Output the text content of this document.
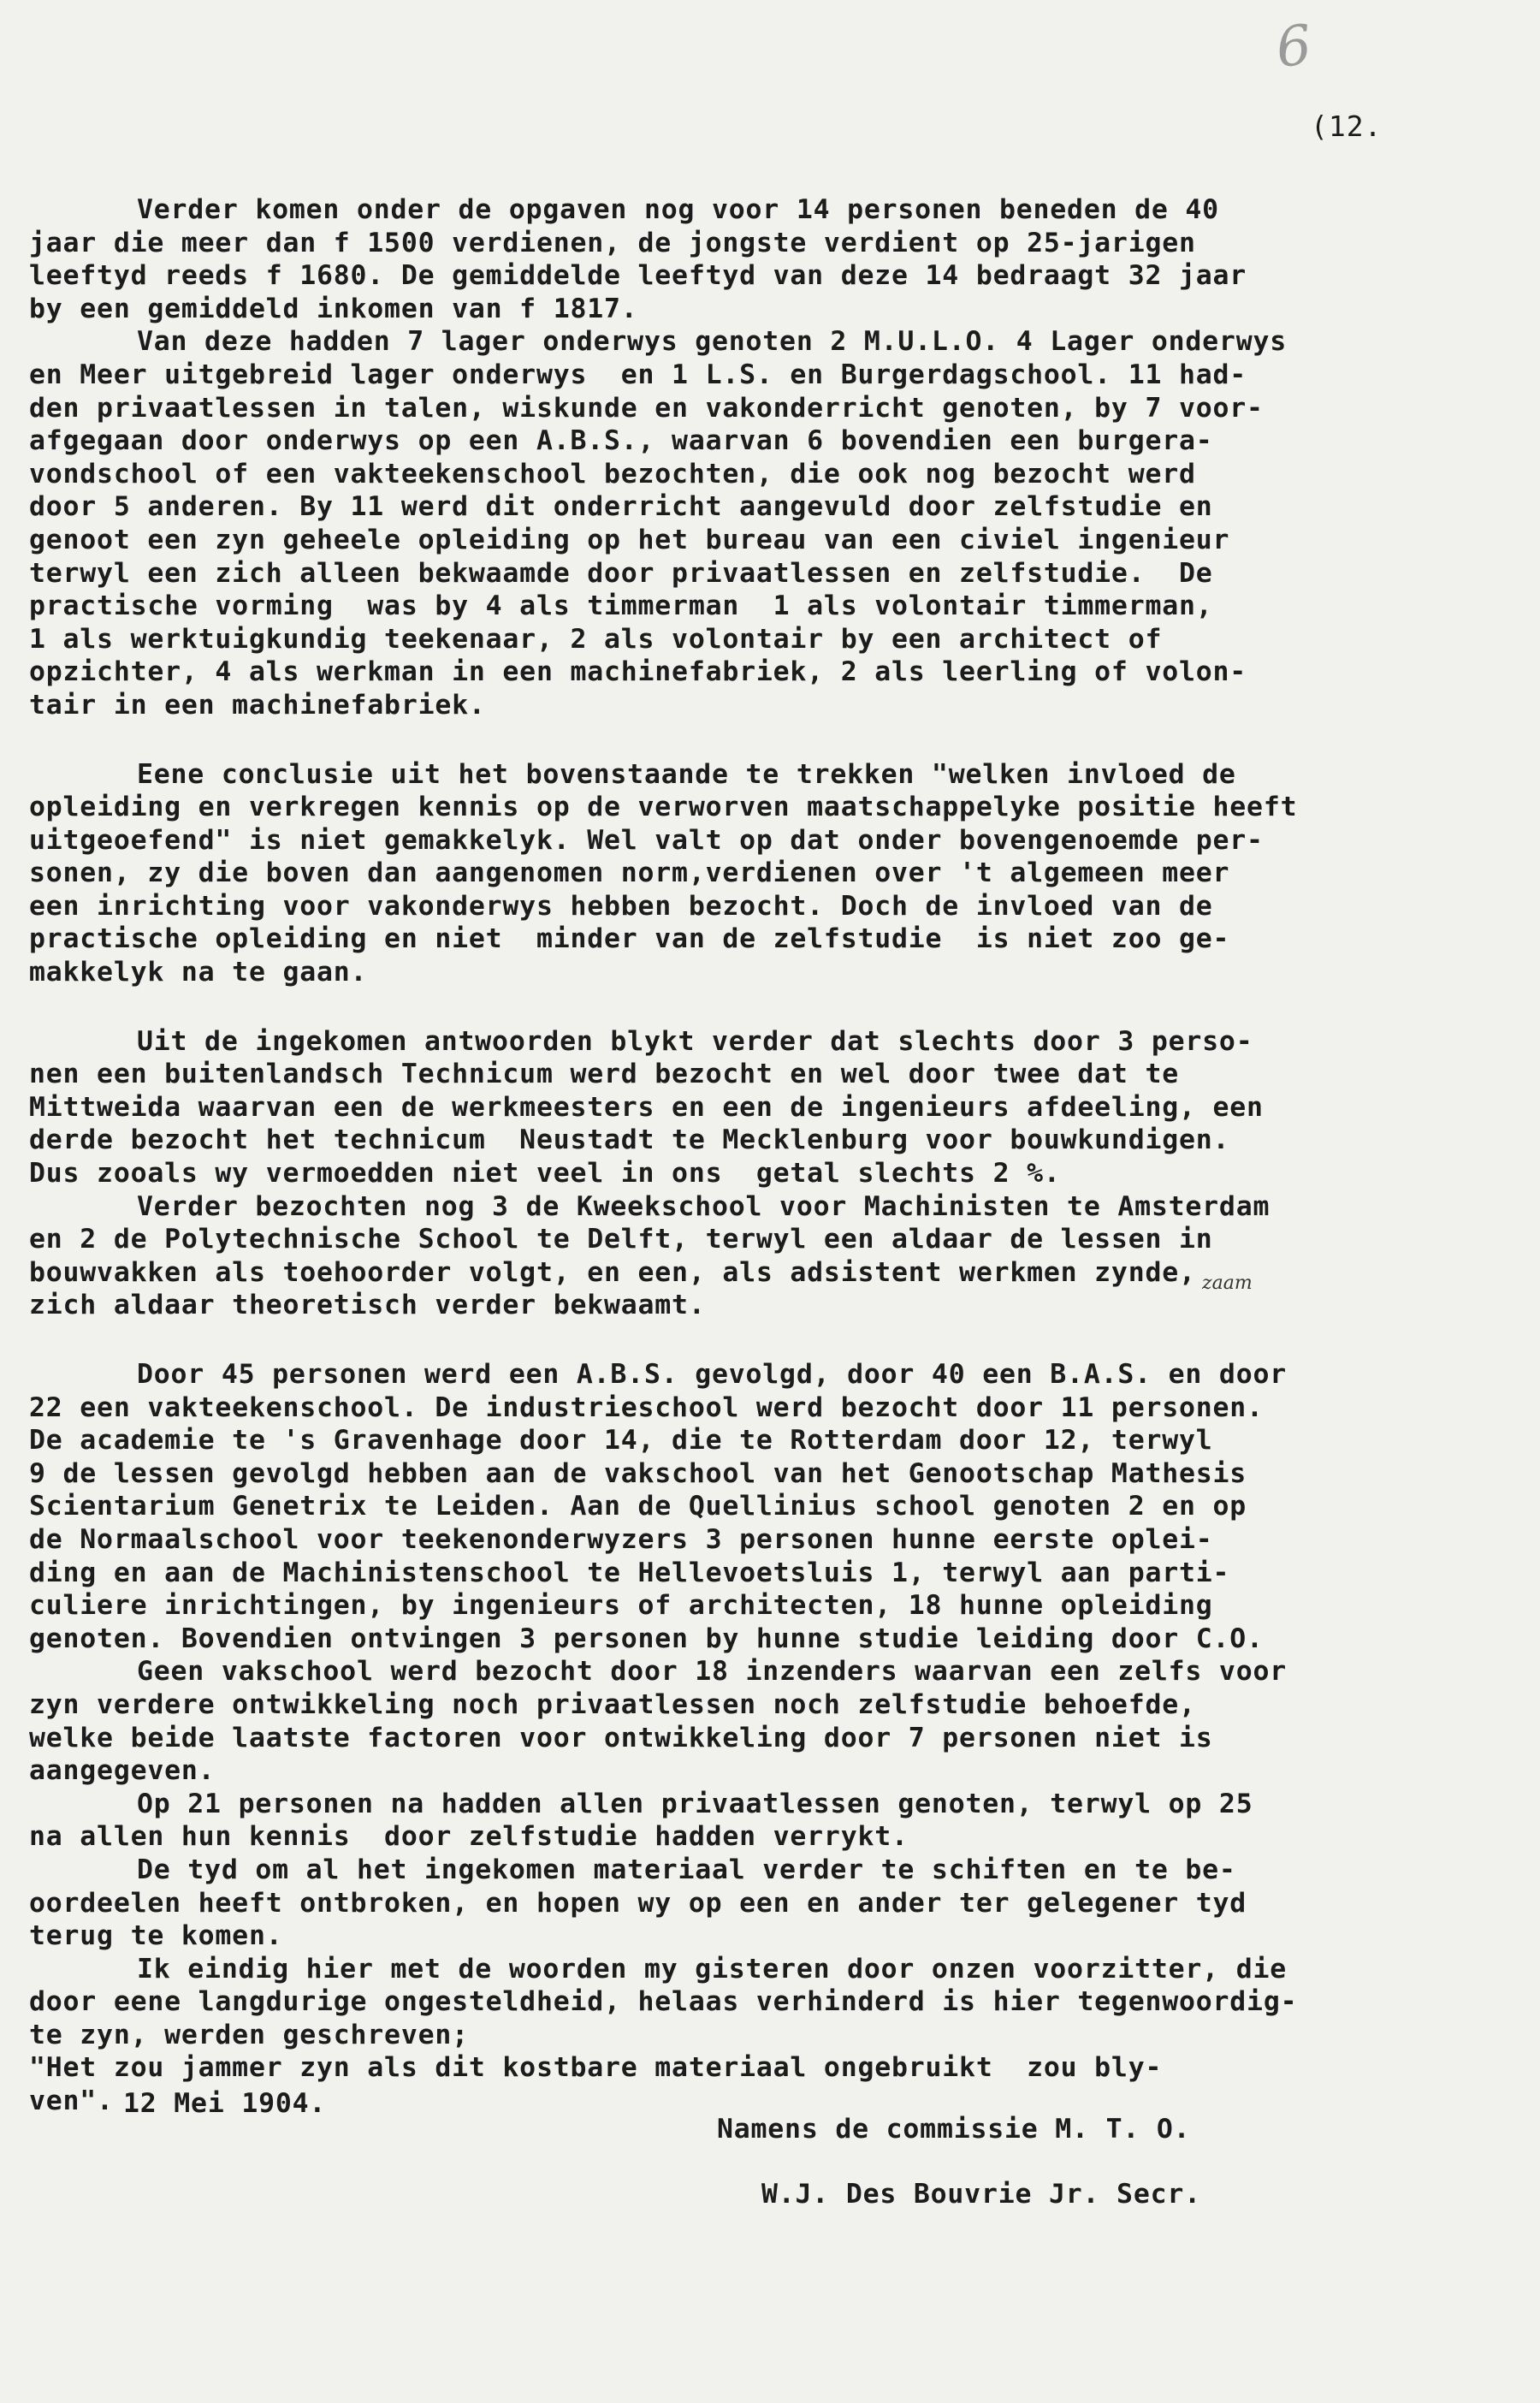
6
(12.

Verder komen onder de opgaven nog voor 14 personen beneden de 40
jaar die meer dan f 1500 verdienen, de jongste verdient op 25-jarigen
leeftyd reeds f 1680. De gemiddelde leeftyd van deze 14 bedraagt 32 jaar
by een gemiddeld inkomen van f 1817.

Van deze hadden 7 lager onderwys genoten 2 M.U.L.O. 4 Lager onderwys
en Meer uitgebreid lager onderwys  en 1 L.S. en Burgerdagschool. 11 had-
den privaatlessen in talen, wiskunde en vakonderricht genoten, by 7 voor-
afgegaan door onderwys op een A.B.S., waarvan 6 bovendien een burgera-
vondschool of een vakteekenschool bezochten, die ook nog bezocht werd
door 5 anderen. By 11 werd dit onderricht aangevuld door zelfstudie en
genoot een zyn geheele opleiding op het bureau van een civiel ingenieur
terwyl een zich alleen bekwaamde door privaatlessen en zelfstudie.  De
practische vorming  was by 4 als timmerman  1 als volontair timmerman,
1 als werktuigkundig teekenaar, 2 als volontair by een architect of
opzichter, 4 als werkman in een machinefabriek, 2 als leerling of volon-
tair in een machinefabriek.

Eene conclusie uit het bovenstaande te trekken "welken invloed de
opleiding en verkregen kennis op de verworven maatschappelyke positie heeft
uitgeoefend" is niet gemakkelyk. Wel valt op dat onder bovengenoemde per-
sonen, zy die boven dan aangenomen norm,verdienen over 't algemeen meer
een inrichting voor vakonderwys hebben bezocht. Doch de invloed van de
practische opleiding en niet  minder van de zelfstudie  is niet zoo ge-
makkelyk na te gaan.

Uit de ingekomen antwoorden blykt verder dat slechts door 3 perso-
nen een buitenlandsch Technicum werd bezocht en wel door twee dat te
Mittweida waarvan een de werkmeesters en een de ingenieurs afdeeling, een
derde bezocht het technicum  Neustadt te Mecklenburg voor bouwkundigen.
Dus zooals wy vermoedden niet veel in ons  getal slechts 2 %.

Verder bezochten nog 3 de Kweekschool voor Machinisten te Amsterdam
en 2 de Polytechnische School te Delft, terwyl een aldaar de lessen in
bouwvakken als toehoorder volgt, en een, als adsistent werkmen zynde,
zich aldaar theoretisch verder bekwaamt.

Door 45 personen werd een A.B.S. gevolgd, door 40 een B.A.S. en door
22 een vakteekenschool. De industrieschool werd bezocht door 11 personen.
De academie te 's Gravenhage door 14, die te Rotterdam door 12, terwyl
9 de lessen gevolgd hebben aan de vakschool van het Genootschap Mathesis
Scientarium Genetrix te Leiden. Aan de Quellinius school genoten 2 en op
de Normaalschool voor teekenonderwyzers 3 personen hunne eerste oplei-
ding en aan de Machinistenschool te Hellevoetsluis 1, terwyl aan parti-
culiere inrichtingen, by ingenieurs of architecten, 18 hunne opleiding
genoten. Bovendien ontvingen 3 personen by hunne studie leiding door C.O.

Geen vakschool werd bezocht door 18 inzenders waarvan een zelfs voor
zyn verdere ontwikkeling noch privaatlessen noch zelfstudie behoefde,
welke beide laatste factoren voor ontwikkeling door 7 personen niet is
aangegeven.

Op 21 personen na hadden allen privaatlessen genoten, terwyl op 25
na allen hun kennis  door zelfstudie hadden verrykt.

De tyd om al het ingekomen materiaal verder te schiften en te be-
oordeelen heeft ontbroken, en hopen wy op een en ander ter gelegener tyd
terug te komen.

Ik eindig hier met de woorden my gisteren door onzen voorzitter, die
door eene langdurige ongesteldheid, helaas verhinderd is hier tegenwoordig-
te zyn, werden geschreven;
"Het zou jammer zyn als dit kostbare materiaal ongebruikt  zou bly-
ven".

zaam
12 Mei 1904.
Namens de commissie M. T. O.
W.J. Des Bouvrie Jr. Secr.
